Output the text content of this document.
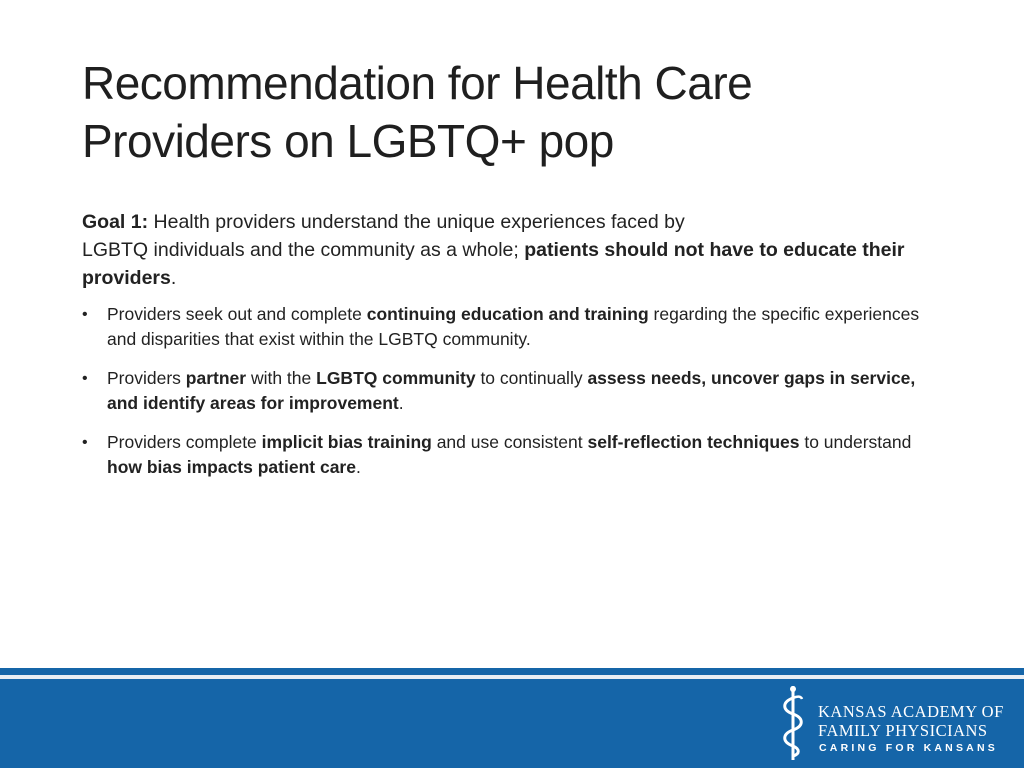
Recommendation for Health Care
Providers on LGBTQ+ pop

Goal 1: Health providers understand the unique experiences faced by
LGBTQ individuals and the community as a whole; patients should not have to educate their providers.

• Providers seek out and complete continuing education and training regarding the specific experiences and disparities that exist within the LGBTQ community.
• Providers partner with the LGBTQ community to continually assess needs, uncover gaps in service, and identify areas for improvement.
• Providers complete implicit bias training and use consistent self-reflection techniques to understand how bias impacts patient care.
KANSAS ACADEMY OF
FAMILY PHYSICIANS
CARING FOR KANSANS
